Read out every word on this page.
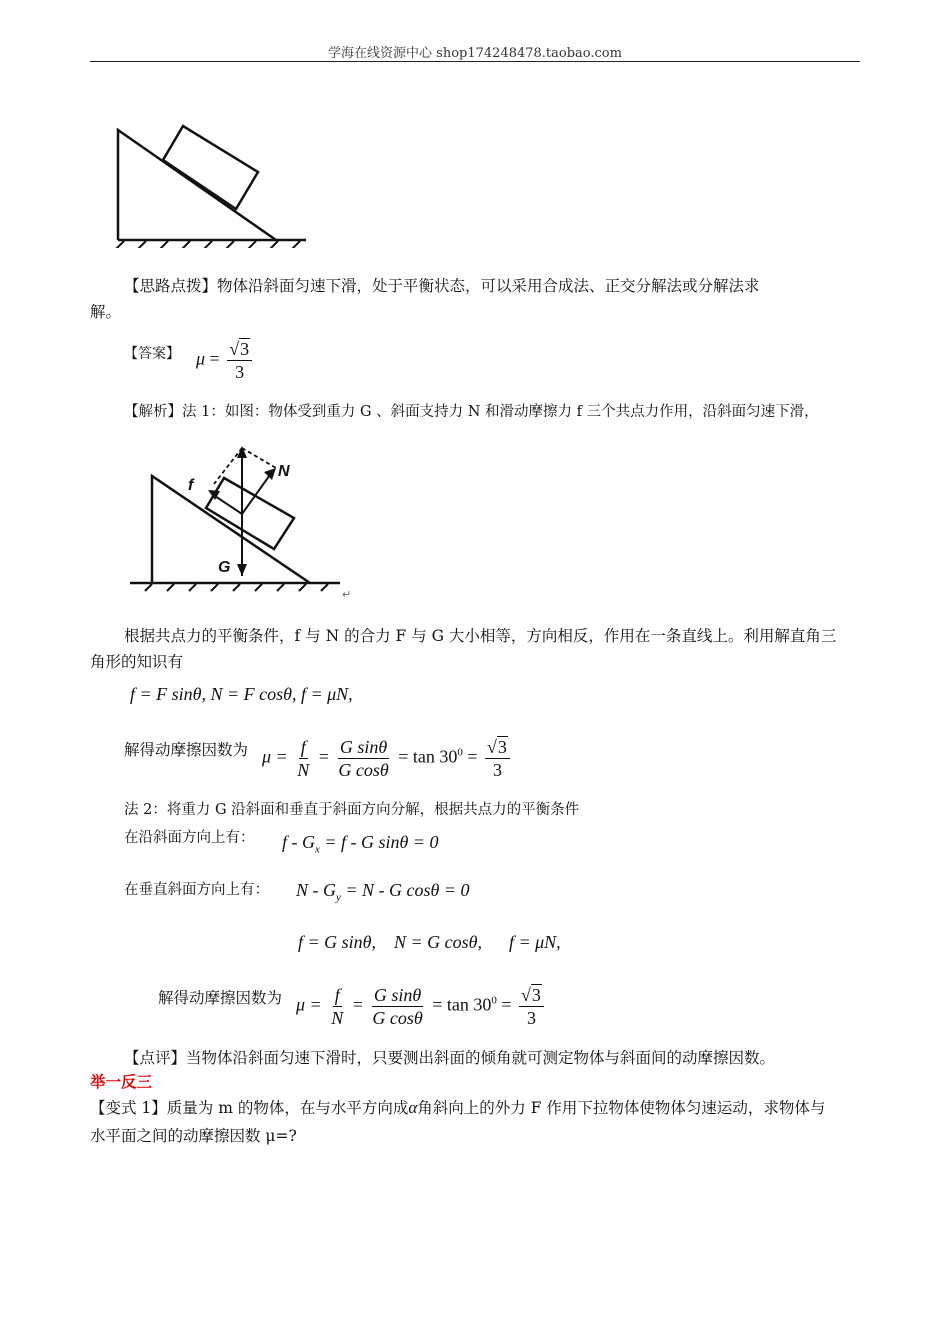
学海在线资源中心 shop174248478.taobao.com
【思路点拨】物体沿斜面匀速下滑，处于平衡状态，可以采用合成法、正交分解法或分解法求
解。
【答案】 $\mu = \frac{√3}{3}$
【解析】法 1：如图：物体受到重力 G 、斜面支持力 N 和滑动摩擦力 f 三个共点力作用，沿斜面匀速下滑，
f
N
G
↵
根据共点力的平衡条件，f 与 N 的合力 F 与 G 大小相等，方向相反，作用在一条直线上。利用解直角三
角形的知识有
f = F sinθ, N = F cosθ, f = μN,
解得动摩擦因数为 $\mu = \frac{f}{N} = \frac{\text{G sinθ}}{\text{G cosθ}} = \tan 30^0 = \frac{√3}{3}$
法 2：将重力 G 沿斜面和垂直于斜面方向分解，根据共点力的平衡条件
在沿斜面方向上有： $f - G_x = f - G$ sinθ = 0
在垂直斜面方向上有： $N - G_y = N - G$ cosθ = 0
f = G sinθ,    N = G cosθ,      f = μN,
解得动摩擦因数为 $\mu = \frac{f}{N} = \frac{\text{G sinθ}}{\text{G cosθ}} = \tan 30^0 = \frac{√3}{3}$
【点评】当物体沿斜面匀速下滑时，只要测出斜面的倾角就可测定物体与斜面间的动摩擦因数。
举一反三
【变式 1】质量为 m 的物体，在与水平方向成α角斜向上的外力 F 作用下拉物体使物体匀速运动，求物体与
水平面之间的动摩擦因数 μ=?
